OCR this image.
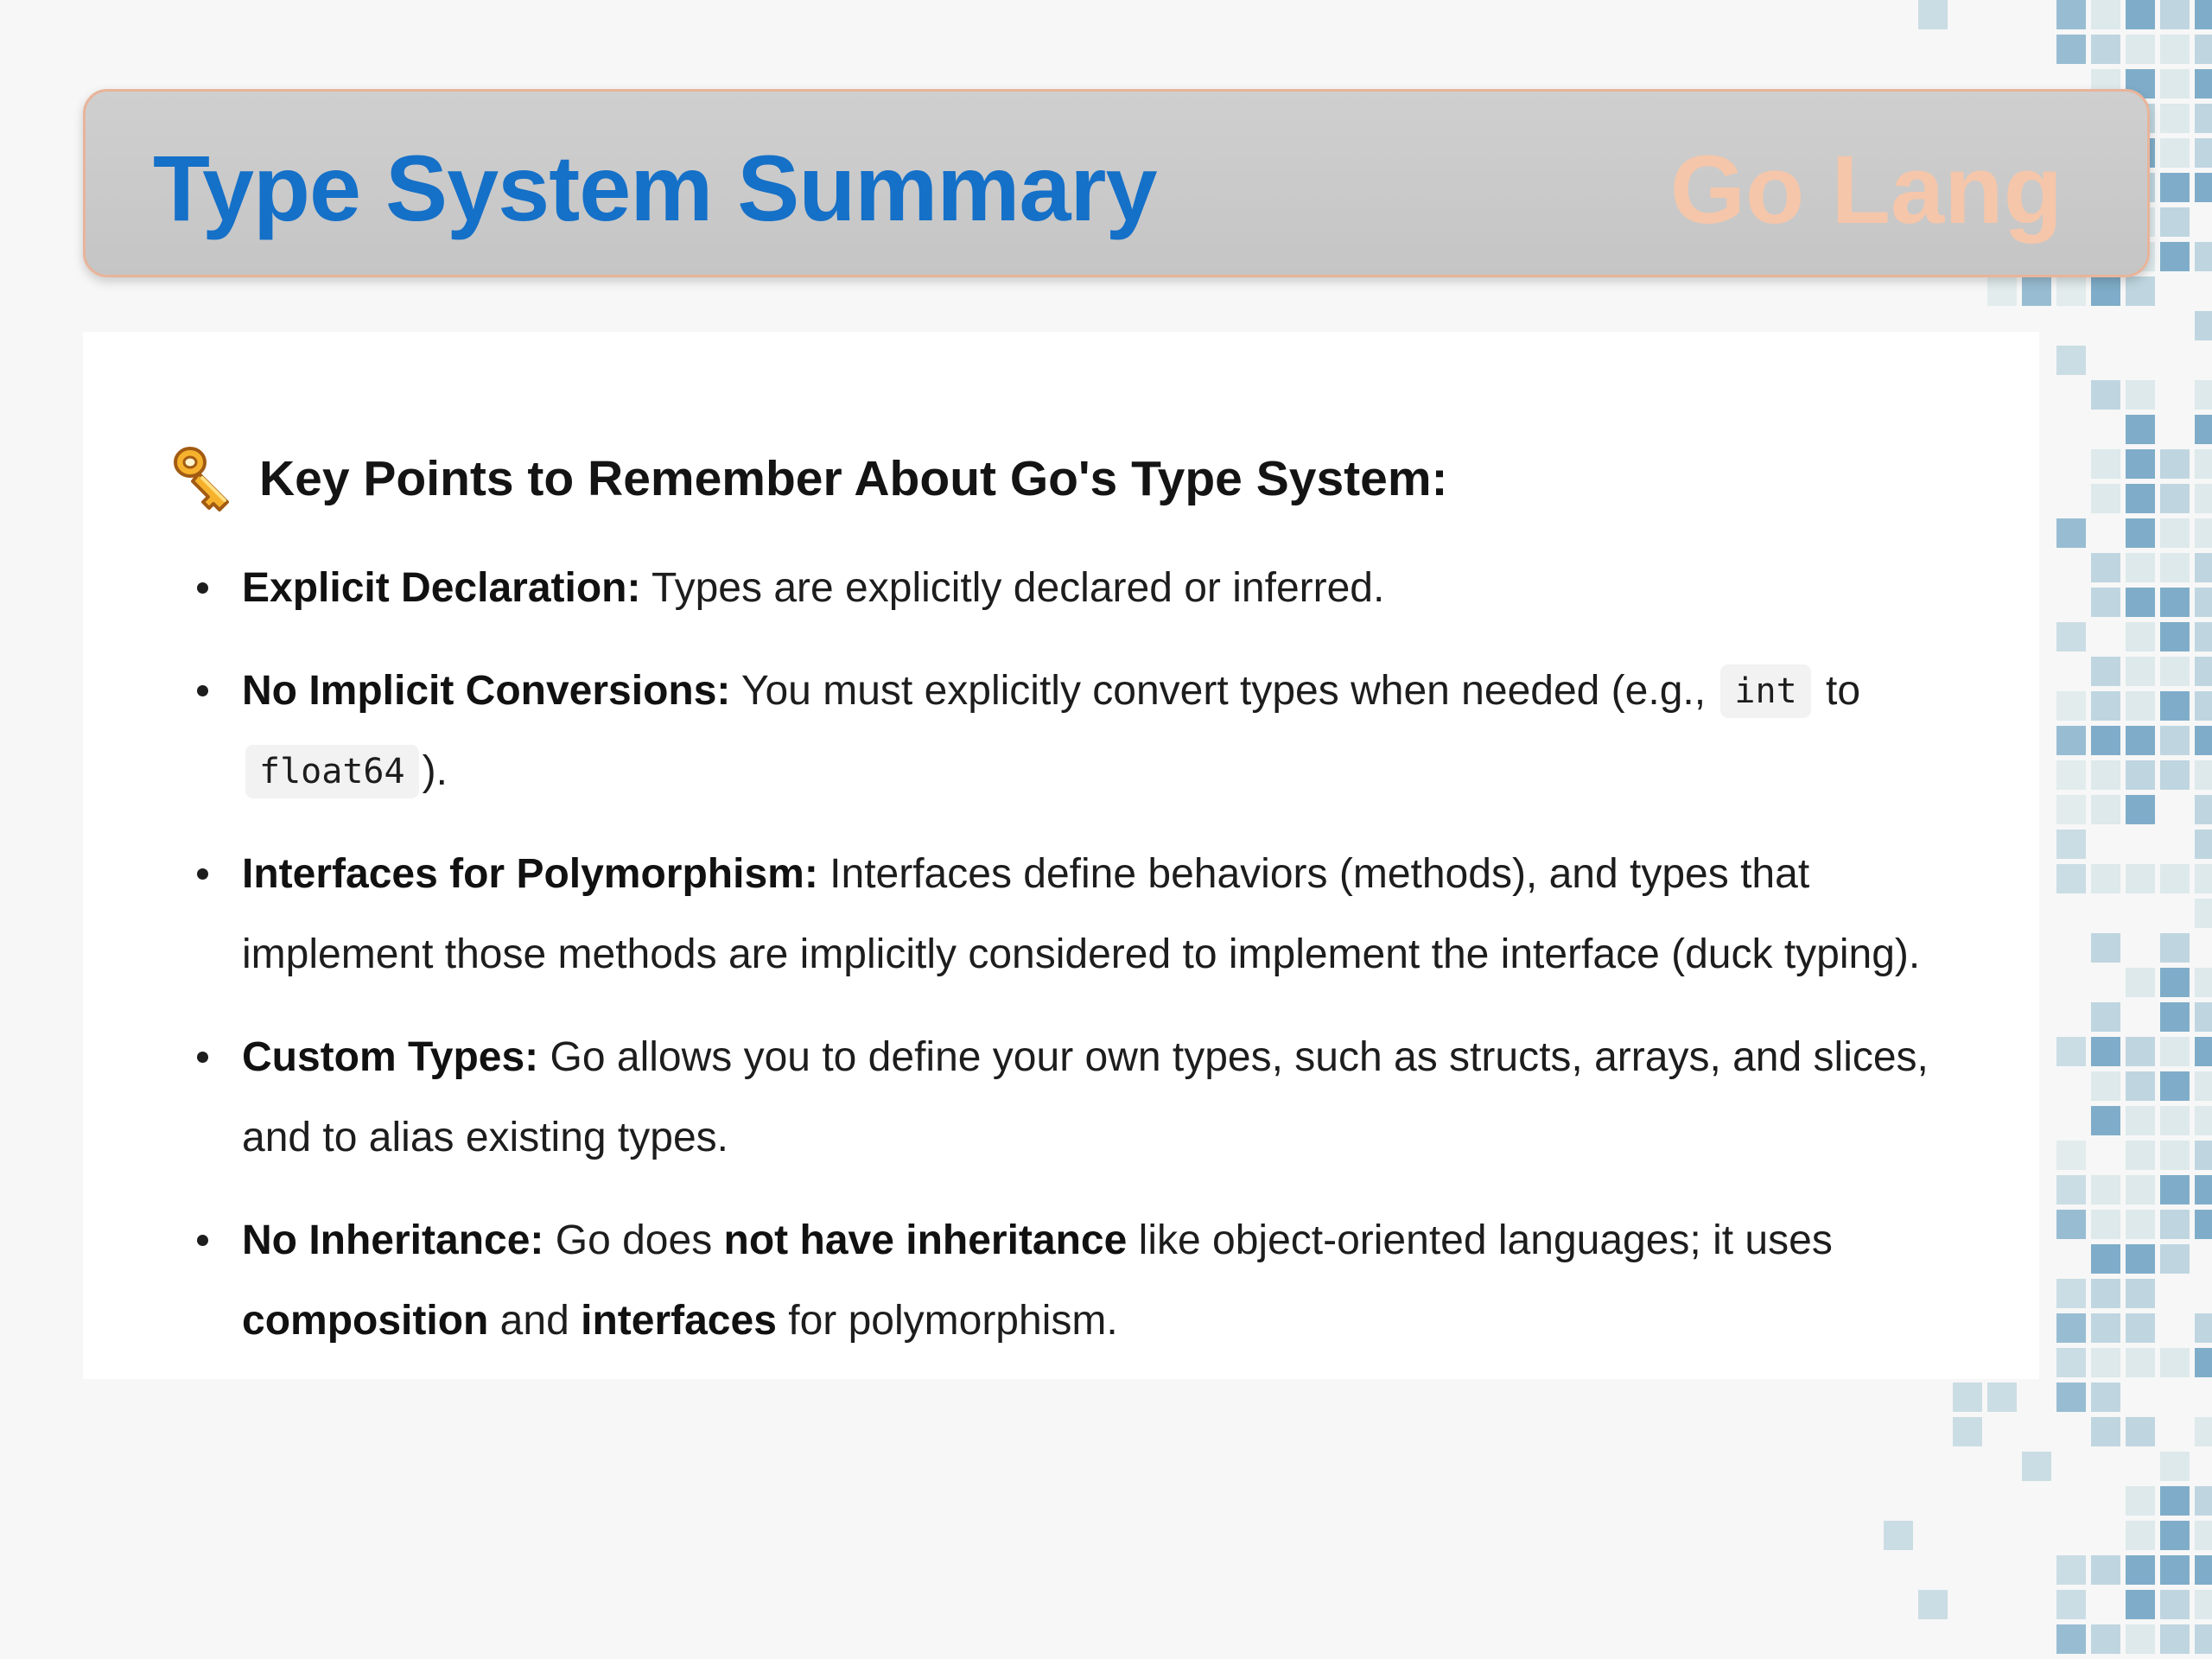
Type System Summary	Go Lang
Key Points to Remember About Go's Type System:
Explicit Declaration: Types are explicitly declared or inferred.
No Implicit Conversions: You must explicitly convert types when needed (e.g., int to float64 ).
Interfaces for Polymorphism: Interfaces define behaviors (methods), and types that implement those methods are implicitly considered to implement the interface (duck typing).
Custom Types: Go allows you to define your own types, such as structs, arrays, and slices, and to alias existing types.
No Inheritance: Go does not have inheritance like object-oriented languages; it uses composition and interfaces for polymorphism.
